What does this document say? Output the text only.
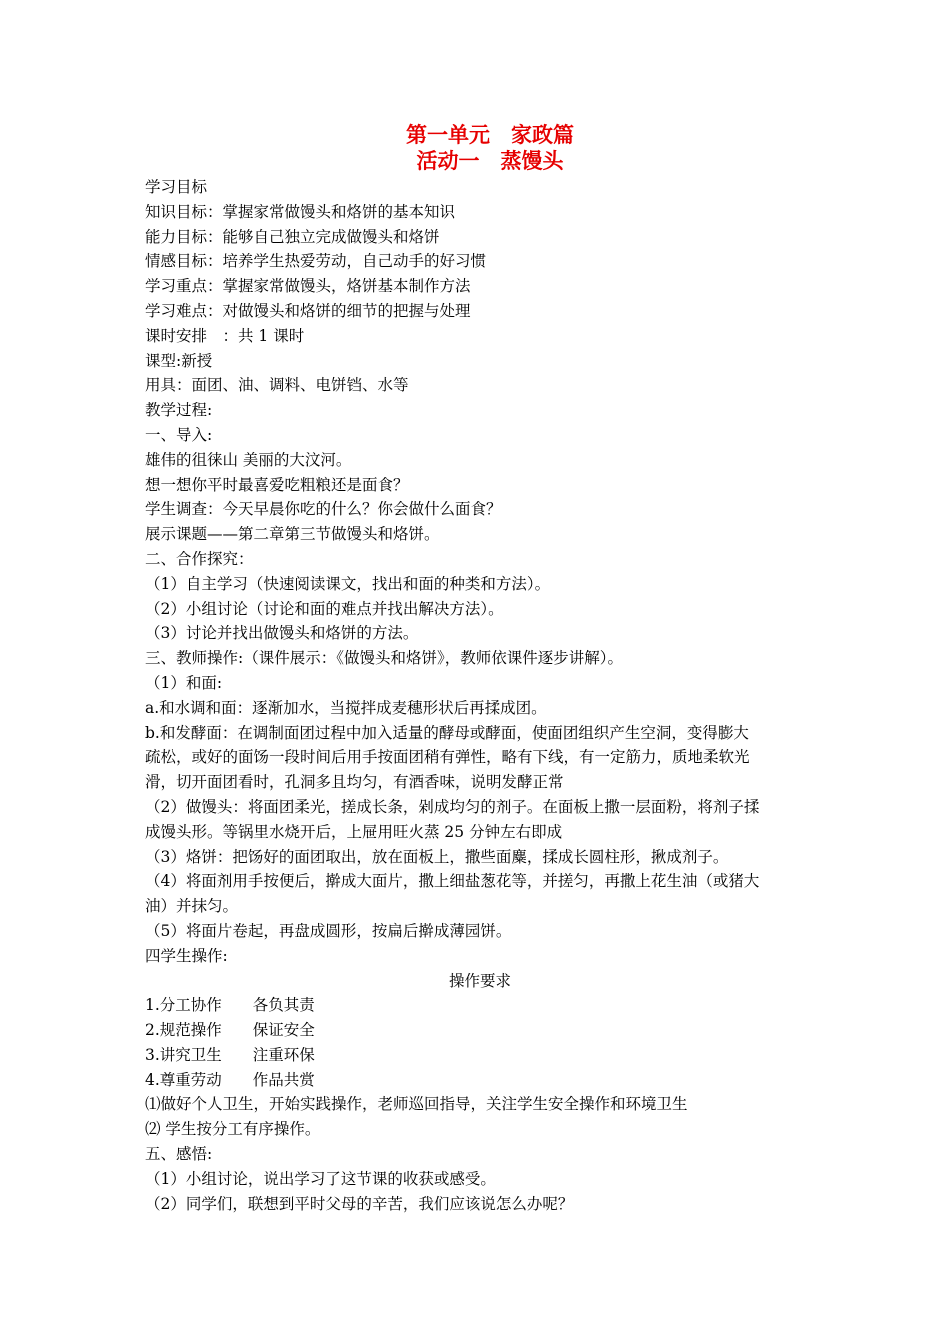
第一单元　家政篇
活动一　蒸馒头
学习目标
知识目标：掌握家常做馒头和烙饼的基本知识
能力目标：能够自己独立完成做馒头和烙饼
情感目标：培养学生热爱劳动，自己动手的好习惯
学习重点：掌握家常做馒头，烙饼基本制作方法
学习难点：对做馒头和烙饼的细节的把握与处理
课时安排　：共 1 课时
课型:新授
用具：面团、油、调料、电饼铛、水等
教学过程:
一、导入:
雄伟的徂徕山 美丽的大汶河。
想一想你平时最喜爱吃粗粮还是面食？
学生调查：今天早晨你吃的什么？你会做什么面食？
展示课题——第二章第三节做馒头和烙饼。
二、合作探究：
（1）自主学习（快速阅读课文，找出和面的种类和方法）。
（2）小组讨论（讨论和面的难点并找出解决方法）。
（3）讨论并找出做馒头和烙饼的方法。
三、教师操作:（课件展示：《做馒头和烙饼》，教师依课件逐步讲解）。
（1）和面:
a.和水调和面：逐渐加水，当搅拌成麦穗形状后再揉成团。
b.和发酵面：在调制面团过程中加入适量的酵母或酵面，使面团组织产生空洞，变得膨大
疏松，或好的面饧一段时间后用手按面团稍有弹性，略有下线，有一定筋力，质地柔软光
滑，切开面团看时，孔洞多且均匀，有酒香味，说明发酵正常
（2）做馒头：将面团柔光，搓成长条，剁成均匀的剂子。在面板上撒一层面粉，将剂子揉
成馒头形。等锅里水烧开后，上屉用旺火蒸 25 分钟左右即成
（3）烙饼：把饧好的面团取出，放在面板上，撒些面麋，揉成长圆柱形，揪成剂子。
（4）将面剂用手按便后，擀成大面片，撒上细盐葱花等，并搓匀，再撒上花生油（或猪大
油）并抹匀。
（5）将面片卷起，再盘成圆形，按扁后擀成薄园饼。
四学生操作:
操作要求
1.分工协作　　各负其责
2.规范操作　　保证安全
3.讲究卫生　　注重环保
4.尊重劳动　　作品共赏
⑴做好个人卫生，开始实践操作，老师巡回指导，关注学生安全操作和环境卫生
⑵ 学生按分工有序操作。
五、感悟:
（1）小组讨论，说出学习了这节课的收获或感受。
（2）同学们，联想到平时父母的辛苦，我们应该说怎么办呢？
